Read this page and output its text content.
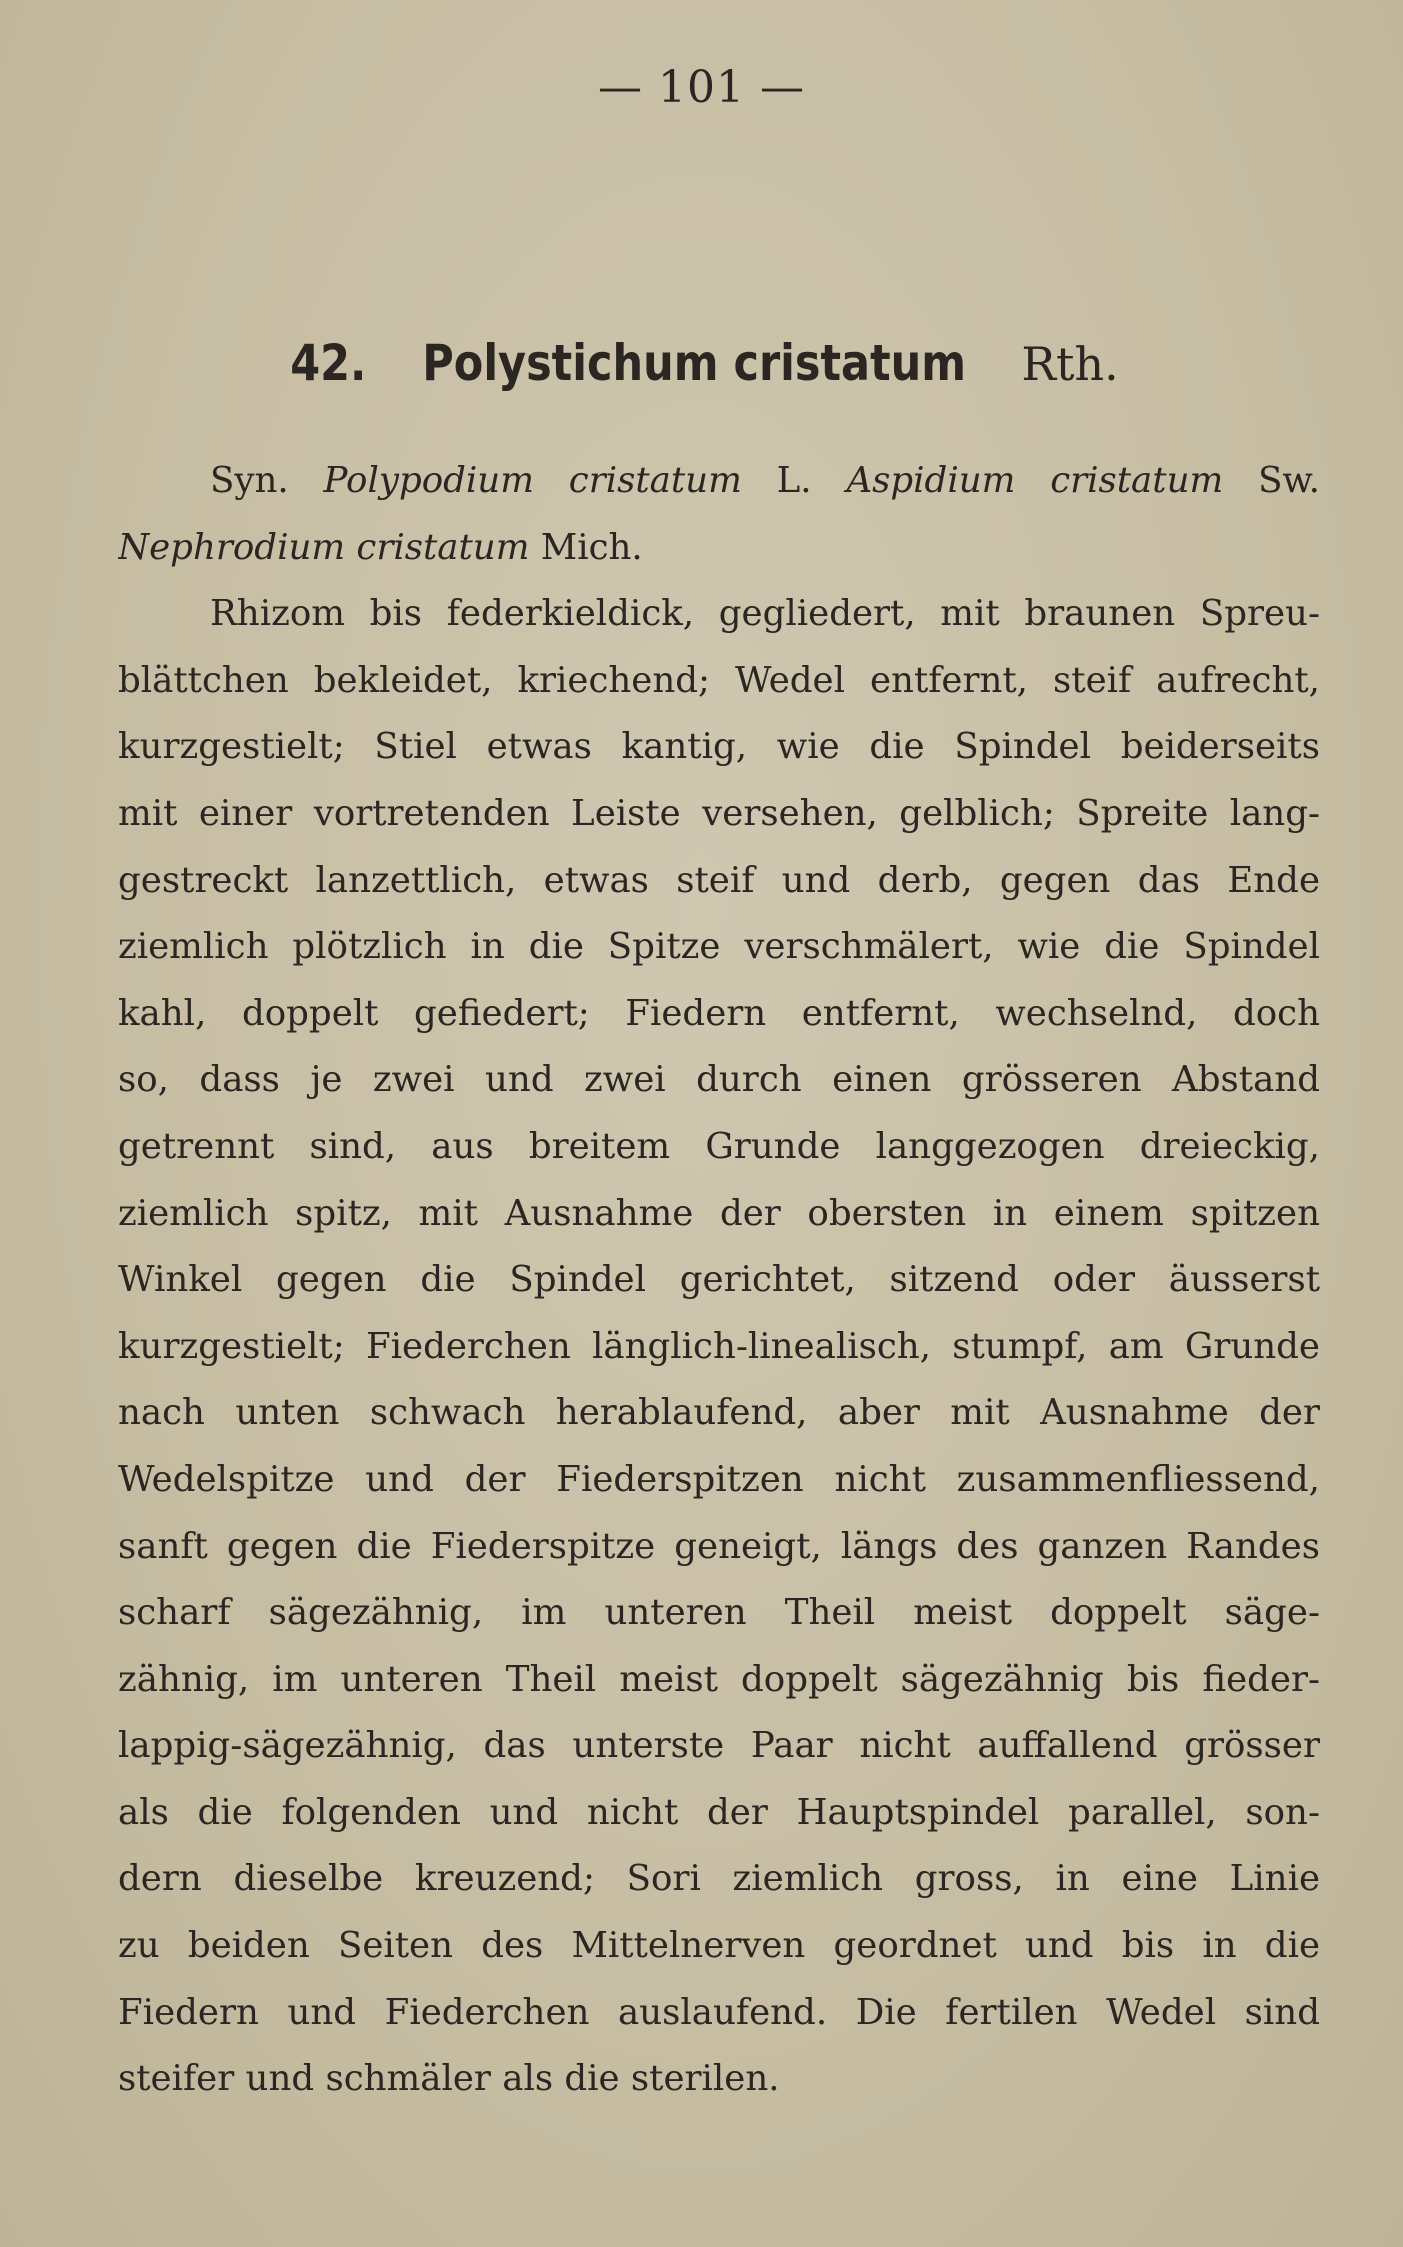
— 101 —
42. Polystichum cristatum Rth.
Syn. Polypodium cristatum L. Aspidium cristatum Sw.
Nephrodium cristatum Mich.
Rhizom bis federkieldick, gegliedert, mit braunen Spreu-
blättchen bekleidet, kriechend; Wedel entfernt, steif aufrecht,
kurzgestielt; Stiel etwas kantig, wie die Spindel beiderseits
mit einer vortretenden Leiste versehen, gelblich; Spreite lang-
gestreckt lanzettlich, etwas steif und derb, gegen das Ende
ziemlich plötzlich in die Spitze verschmälert, wie die Spindel
kahl, doppelt gefiedert; Fiedern entfernt, wechselnd, doch
so, dass je zwei und zwei durch einen grösseren Abstand
getrennt sind, aus breitem Grunde langgezogen dreieckig,
ziemlich spitz, mit Ausnahme der obersten in einem spitzen
Winkel gegen die Spindel gerichtet, sitzend oder äusserst
kurzgestielt; Fiederchen länglich-linealisch, stumpf, am Grunde
nach unten schwach herablaufend, aber mit Ausnahme der
Wedelspitze und der Fiederspitzen nicht zusammenfliessend,
sanft gegen die Fiederspitze geneigt, längs des ganzen Randes
scharf sägezähnig, im unteren Theil meist doppelt säge-
zähnig, im unteren Theil meist doppelt sägezähnig bis fieder-
lappig-sägezähnig, das unterste Paar nicht auffallend grösser
als die folgenden und nicht der Hauptspindel parallel, son-
dern dieselbe kreuzend; Sori ziemlich gross, in eine Linie
zu beiden Seiten des Mittelnerven geordnet und bis in die
Fiedern und Fiederchen auslaufend. Die fertilen Wedel sind
steifer und schmäler als die sterilen.
